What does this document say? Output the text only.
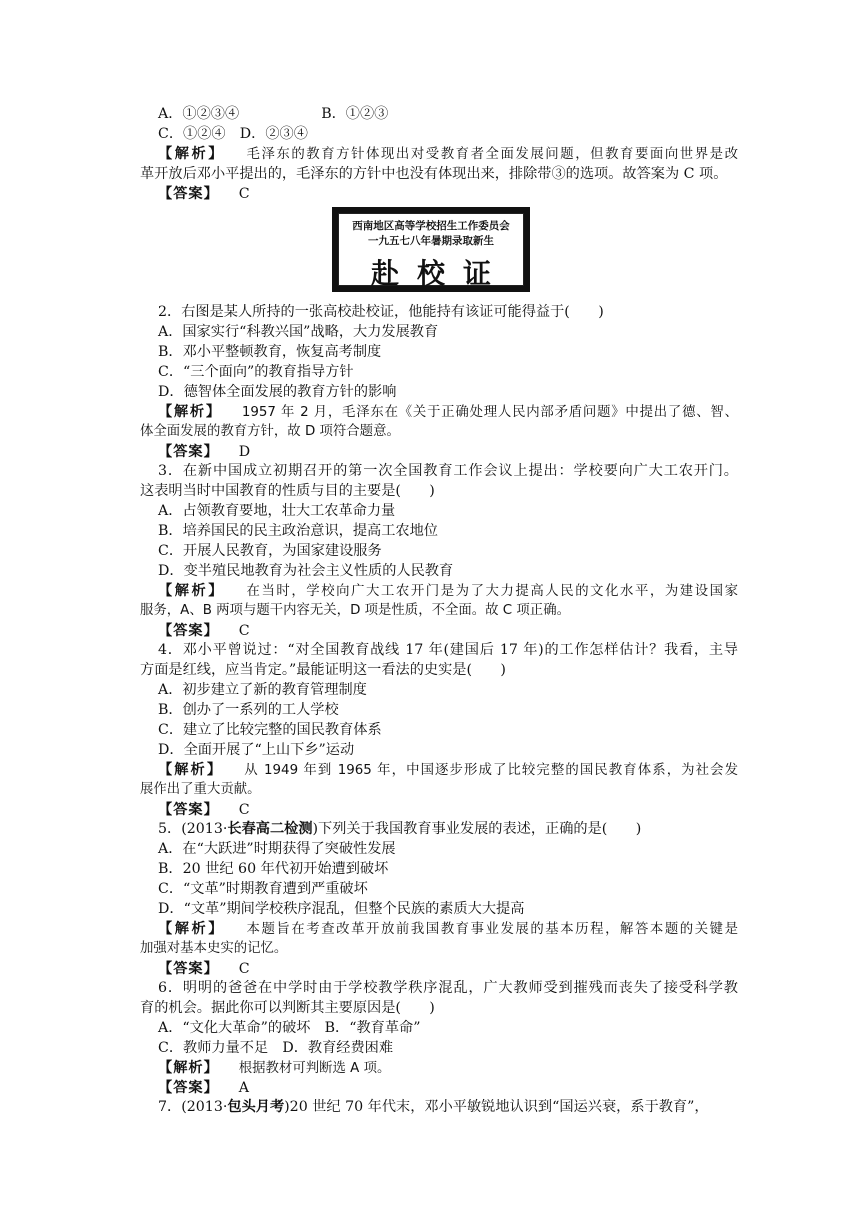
A．①②③④	B．①②③
C．①②④　D．②③④
【解析】 毛泽东的教育方针体现出对受教育者全面发展问题，但教育要面向世界是改
革开放后邓小平提出的，毛泽东的方针中也没有体现出来，排除带③的选项。故答案为 C 项。
【答案】 C
西南地区高等学校招生工作委员会
一九五七八年暑期录取新生
赴校证
2．右图是某人所持的一张高校赴校证，他能持有该证可能得益于(　　)
A．国家实行“科教兴国”战略，大力发展教育
B．邓小平整顿教育，恢复高考制度
C．“三个面向”的教育指导方针
D．德智体全面发展的教育方针的影响
【解析】 1957 年 2 月，毛泽东在《关于正确处理人民内部矛盾问题》中提出了德、智、
体全面发展的教育方针，故 D 项符合题意。
【答案】 D
3．在新中国成立初期召开的第一次全国教育工作会议上提出：学校要向广大工农开门。
这表明当时中国教育的性质与目的主要是(　　)
A．占领教育要地，壮大工农革命力量
B．培养国民的民主政治意识，提高工农地位
C．开展人民教育，为国家建设服务
D．变半殖民地教育为社会主义性质的人民教育
【解析】 在当时，学校向广大工农开门是为了大力提高人民的文化水平，为建设国家
服务，A、B 两项与题干内容无关，D 项是性质，不全面。故 C 项正确。
【答案】 C
4．邓小平曾说过：“对全国教育战线 17 年(建国后 17 年)的工作怎样估计？我看，主导
方面是红线，应当肯定。”最能证明这一看法的史实是(　　)
A．初步建立了新的教育管理制度
B．创办了一系列的工人学校
C．建立了比较完整的国民教育体系
D．全面开展了“上山下乡”运动
【解析】 从 1949 年到 1965 年，中国逐步形成了比较完整的国民教育体系，为社会发
展作出了重大贡献。
【答案】 C
5．(2013·长春高二检测)下列关于我国教育事业发展的表述，正确的是(　　)
A．在“大跃进”时期获得了突破性发展
B．20 世纪 60 年代初开始遭到破坏
C．“文革”时期教育遭到严重破坏
D．“文革”期间学校秩序混乱，但整个民族的素质大大提高
【解析】 本题旨在考查改革开放前我国教育事业发展的基本历程，解答本题的关键是
加强对基本史实的记忆。
【答案】 C
6．明明的爸爸在中学时由于学校教学秩序混乱，广大教师受到摧残而丧失了接受科学教
育的机会。据此你可以判断其主要原因是(　　)
A．“文化大革命”的破坏　B．“教育革命”
C．教师力量不足　D．教育经费困难
【解析】 根据教材可判断选 A 项。
【答案】 A
7．(2013·包头月考)20 世纪 70 年代末，邓小平敏锐地认识到“国运兴衰，系于教育”，
